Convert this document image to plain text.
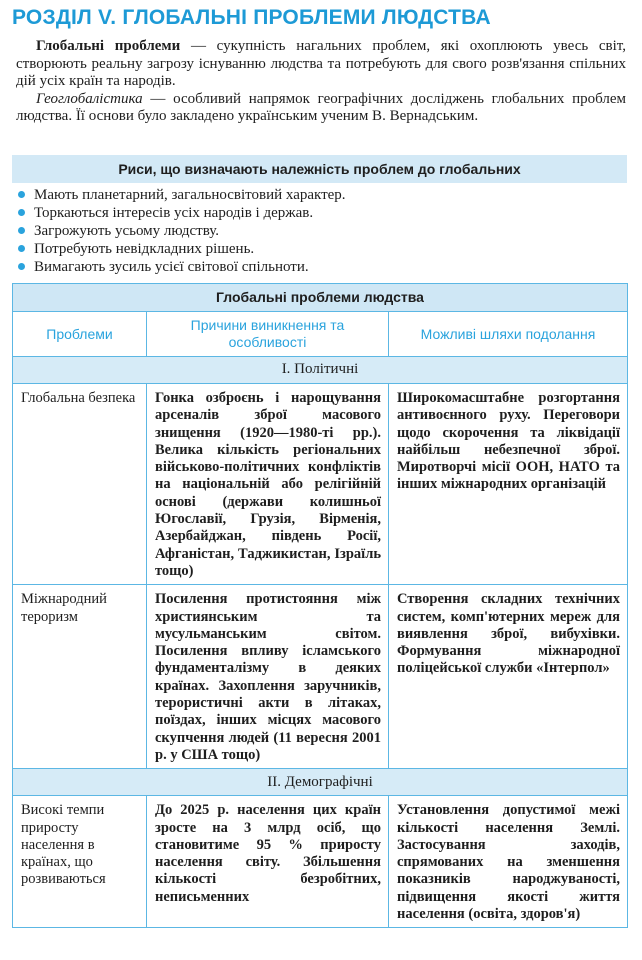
РОЗДІЛ V. ГЛОБАЛЬНІ ПРОБЛЕМИ ЛЮДСТВА

Глобальні проблеми — сукупність нагальних проблем, які охоплюють увесь світ, створюють реальну загрозу існуванню людства та потребують для свого розв'язання спільних дій усіх країн та народів.

Геоглобалістика — особливий напрямок географічних досліджень глобальних проблем людства. Її основи було закладено українським ученим В. Вернадським.

Риси, що визначають належність проблем до глобальних
Мають планетарний, загальносвітовий характер.
Торкаються інтересів усіх народів і держав.
Загрожують усьому людству.
Потребують невідкладних рішень.
Вимагають зусиль усієї світової спільноти.
Глобальні проблеми людства		
Проблеми	Причини виникнення та особливості	Можливі шляхи подолання
I. Політичні		
Глобальна безпека	Гонка озброєнь і нарощування арсеналів зброї масового знищення (1920—1980-ті рр.). Велика кількість регіональних військово-політичних конфліктів на національній або релігійній основі (держави колишньої Югославії, Грузія, Вірменія, Азербайджан, південь Росії, Афганістан, Таджикистан, Ізраїль тощо)	Широкомасштабне розгортання антивоєнного руху. Переговори щодо скорочення та ліквідації найбільш небезпечної зброї. Миротворчі місії ООН, НАТО та інших міжнародних організацій
Міжнародний тероризм	Посилення протистояння між християнським та мусульманським світом. Посилення впливу ісламського фундаменталізму в деяких країнах. Захоплення заручників, терористичні акти в літаках, поїздах, інших місцях масового скупчення людей (11 вересня 2001 р. у США тощо)	Створення складних технічних систем, комп'ютерних мереж для виявлення зброї, вибухівки. Формування міжнародної поліцейської служби «Інтерпол»
II. Демографічні		
Високі темпи приросту населення в країнах, що розвиваються	До 2025 р. населення цих країн зросте на 3 млрд осіб, що становитиме 95 % приросту населення світу. Збільшення кількості безробітних, неписьменних	Установлення допустимої межі кількості населення Землі. Застосування заходів, спрямованих на зменшення показників народжуваності, підвищення якості життя населення (освіта, здоров'я)
